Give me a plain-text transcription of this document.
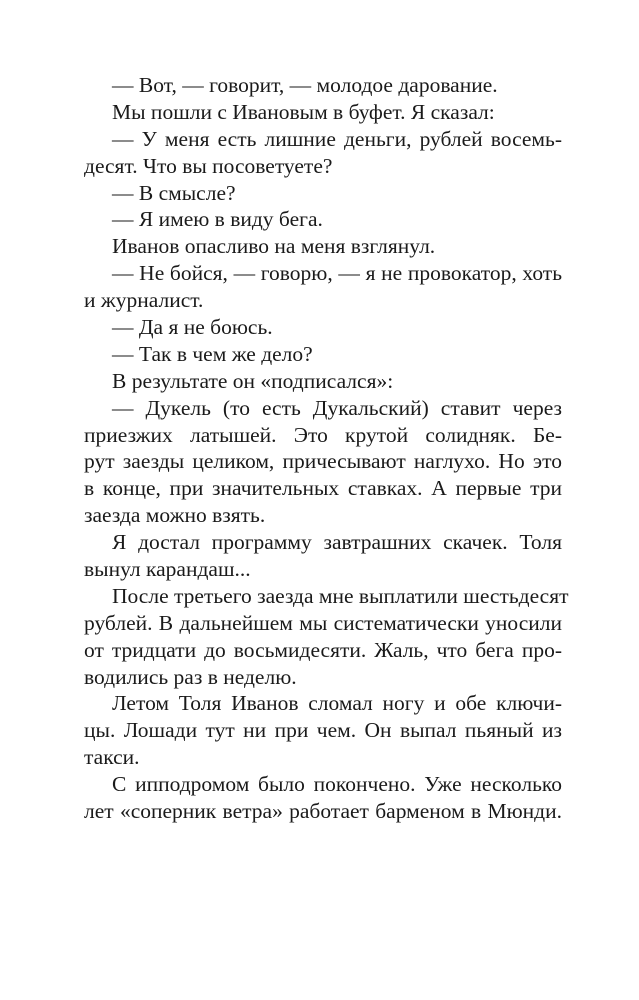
— Вот, — говорит, — молодое дарование.
Мы пошли с Ивановым в буфет. Я сказал:
— У меня есть лишние деньги, рублей восемь-
десят. Что вы посоветуете?
— В смысле?
— Я имею в виду бега.
Иванов опасливо на меня взглянул.
— Не бойся, — говорю, — я не провокатор, хоть
и журналист.
— Да я не боюсь.
— Так в чем же дело?
В результате он «подписался»:
— Дукель (то есть Дукальский) ставит через
приезжих латышей. Это крутой солидняк. Бе-
рут заезды целиком, причесывают наглухо. Но это
в конце, при значительных ставках. А первые три
заезда можно взять.
Я достал программу завтрашних скачек. Толя
вынул карандаш...
После третьего заезда мне выплатили шестьдесят
рублей. В дальнейшем мы систематически уносили
от тридцати до восьмидесяти. Жаль, что бега про-
водились раз в неделю.
Летом Толя Иванов сломал ногу и обе ключи-
цы. Лошади тут ни при чем. Он выпал пьяный из
такси.
С ипподромом было покончено. Уже несколько
лет «соперник ветра» работает барменом в Мюнди.
